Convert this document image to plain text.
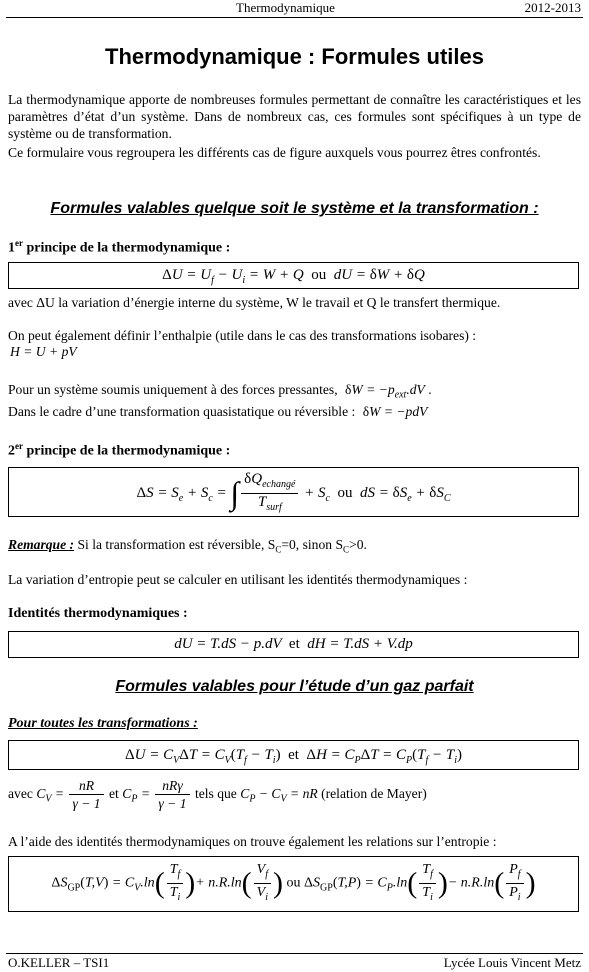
Thermodynamique	2012-2013
Thermodynamique : Formules utiles
La thermodynamique apporte de nombreuses formules permettant de connaître les caractéristiques et les paramètres d’état d’un système. Dans de nombreux cas, ces formules sont spécifiques à un type de système ou de transformation.
Ce formulaire vous regroupera les différents cas de figure auxquels vous pourrez êtres confrontés.
Formules valables quelque soit le système et la transformation :
1er principe de la thermodynamique :
$\Delta U = U_f - U_i = W + Q$  ou  dU = δW + δQ
avec ΔU la variation d’énergie interne du système, W le travail et Q le transfert thermique.
On peut également définir l’enthalpie (utile dans le cas des transformations isobares) :
H = U + pV
Pour un système soumis uniquement à des forces pressantes, $\delta W = -p_{ext}.dV$ .
Dans le cadre d’une transformation quasistatique ou réversible : δW = −pdV
2er principe de la thermodynamique :
$\Delta S = S_e + S_c$ = ∫ $\frac{\delta Q_{echangé}}{T_{surf}} + S_c$ ou  dS = $\delta S_e + \delta S_C$
Remarque : Si la transformation est réversible, $S_C=0$, sinon $S_C>0$.
La variation d’entropie peut se calculer en utilisant les identités thermodynamiques :
Identités thermodynamiques :
dU = T.dS − p.dV  et  dH = T.dS + V.dp
Formules valables pour l’étude d’un gaz parfait
Pour toutes les transformations :
$\Delta U = C_V\Delta T = C_V(T_f - T_i)$ et $\Delta H = C_P\Delta T = C_P(T_f - T_i)$
avec $C_V = \frac{nR}{\gamma - 1}$ et $C_P = \frac{\text{nRγ}}{\gamma - 1}$ tels que $C_P - C_V$ = nR (relation de Mayer)
A l’aide des identités thermodynamiques on trouve également les relations sur l’entropie :
$\Delta S_{GP}(T,V) = C_V.\ln( \frac{T_f}{T_i}$ )+ $n.R.\ln( \frac{V_f}{V_i}$ ) ou $\Delta S_{GP}(T,P) = C_P.\ln( \frac{T_f}{T_i}$ )− $n.R.\ln( \frac{P_f}{P_i}$ )
O.KELLER – TSI1	Lycée Louis Vincent Metz
